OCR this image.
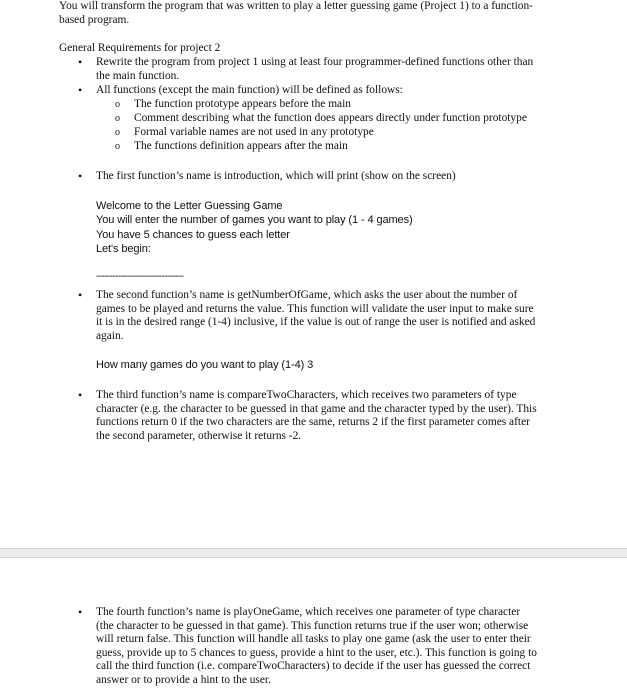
You will transform the program that was written to play a letter guessing game (Project 1) to a function-
based program.
General Requirements for project 2
• Rewrite the program from project 1 using at least four programmer-defined functions other than
the main function.
• All functions (except the main function) will be defined as follows:
o The function prototype appears before the main
o Comment describing what the function does appears directly under function prototype
o Formal variable names are not used in any prototype
o The functions definition appears after the main
• The first function’s name is introduction, which will print (show on the screen)
Welcome to the Letter Guessing Game
You will enter the number of games you want to play (1 - 4 games)
You have 5 chances to guess each letter
Let's begin:
--------------------------------
• The second function’s name is getNumberOfGame, which asks the user about the number of
games to be played and returns the value. This function will validate the user input to make sure
it is in the desired range (1-4) inclusive, if the value is out of range the user is notified and asked
again.
How many games do you want to play (1-4) 3
• The third function’s name is compareTwoCharacters, which receives two parameters of type
character (e.g. the character to be guessed in that game and the character typed by the user). This
functions return 0 if the two characters are the same, returns 2 if the first parameter comes after
the second parameter, otherwise it returns -2.
• The fourth function’s name is playOneGame, which receives one parameter of type character
(the character to be guessed in that game). This function returns true if the user won; otherwise
will return false. This function will handle all tasks to play one game (ask the user to enter their
guess, provide up to 5 chances to guess, provide a hint to the user, etc.). This function is going to
call the third function (i.e. compareTwoCharacters) to decide if the user has guessed the correct
answer or to provide a hint to the user.
